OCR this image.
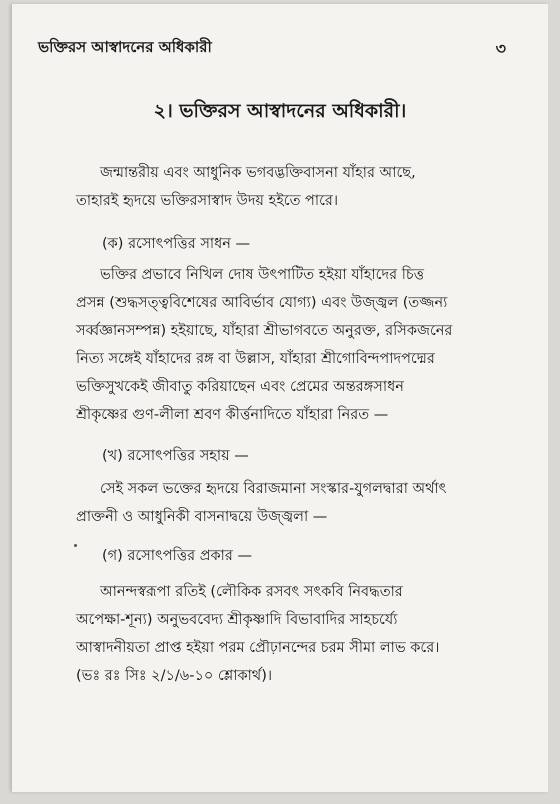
ভক্তিরস আস্বাদনের অধিকারী	৩
২। ভক্তিরস আস্বাদনের অধিকারী।
জন্মান্তরীয় এবং আধুনিক ভগবদ্ভক্তিবাসনা যাঁহার আছে,
তাহারই হৃদয়ে ভক্তিরসাস্বাদ উদয় হইতে পারে।
(ক) রসোৎপত্তির সাধন —
ভক্তির প্রভাবে নিখিল দোষ উৎপাটিত হইয়া যাঁহাদের চিত্ত
প্রসন্ন (শুদ্ধসত্ত্ববিশেষের আবির্ভাব যোগ্য) এবং উজ্জ্বল (তজ্জন্য
সর্ব্বজ্ঞানসম্পন্ন) হইয়াছে, যাঁহারা শ্রীভাগবতে অনুরক্ত, রসিকজনের
নিত্য সঙ্গেই যাঁহাদের রঙ্গ বা উল্লাস, যাঁহারা শ্রীগোবিন্দপাদপদ্মের
ভক্তিসুখকেই জীবাতু করিয়াছেন এবং প্রেমের অন্তরঙ্গসাধন
শ্রীকৃষ্ণের গুণ-লীলা শ্রবণ কীর্ত্তনাদিতে যাঁহারা নিরত —
(খ) রসোৎপত্তির সহায় —
সেই সকল ভক্তের হৃদয়ে বিরাজমানা সংস্কার-যুগলদ্বারা অর্থাৎ
প্রাক্তনী ও আধুনিকী বাসনাদ্বয়ে উজ্জ্বলা —
(গ) রসোৎপত্তির প্রকার —
আনন্দস্বরূপা রতিই (লৌকিক রসবৎ সৎকবি নিবদ্ধতার
অপেক্ষা-শূন্য) অনুভববেদ্য শ্রীকৃষ্ণাদি বিভাবাদির সাহচর্য্যে
আস্বাদনীয়তা প্রাপ্ত হইয়া পরম প্রৌঢ়ানন্দের চরম সীমা লাভ করে।
(ভঃ রঃ সিঃ ২/১/৬-১০ শ্লোকার্থ)।
